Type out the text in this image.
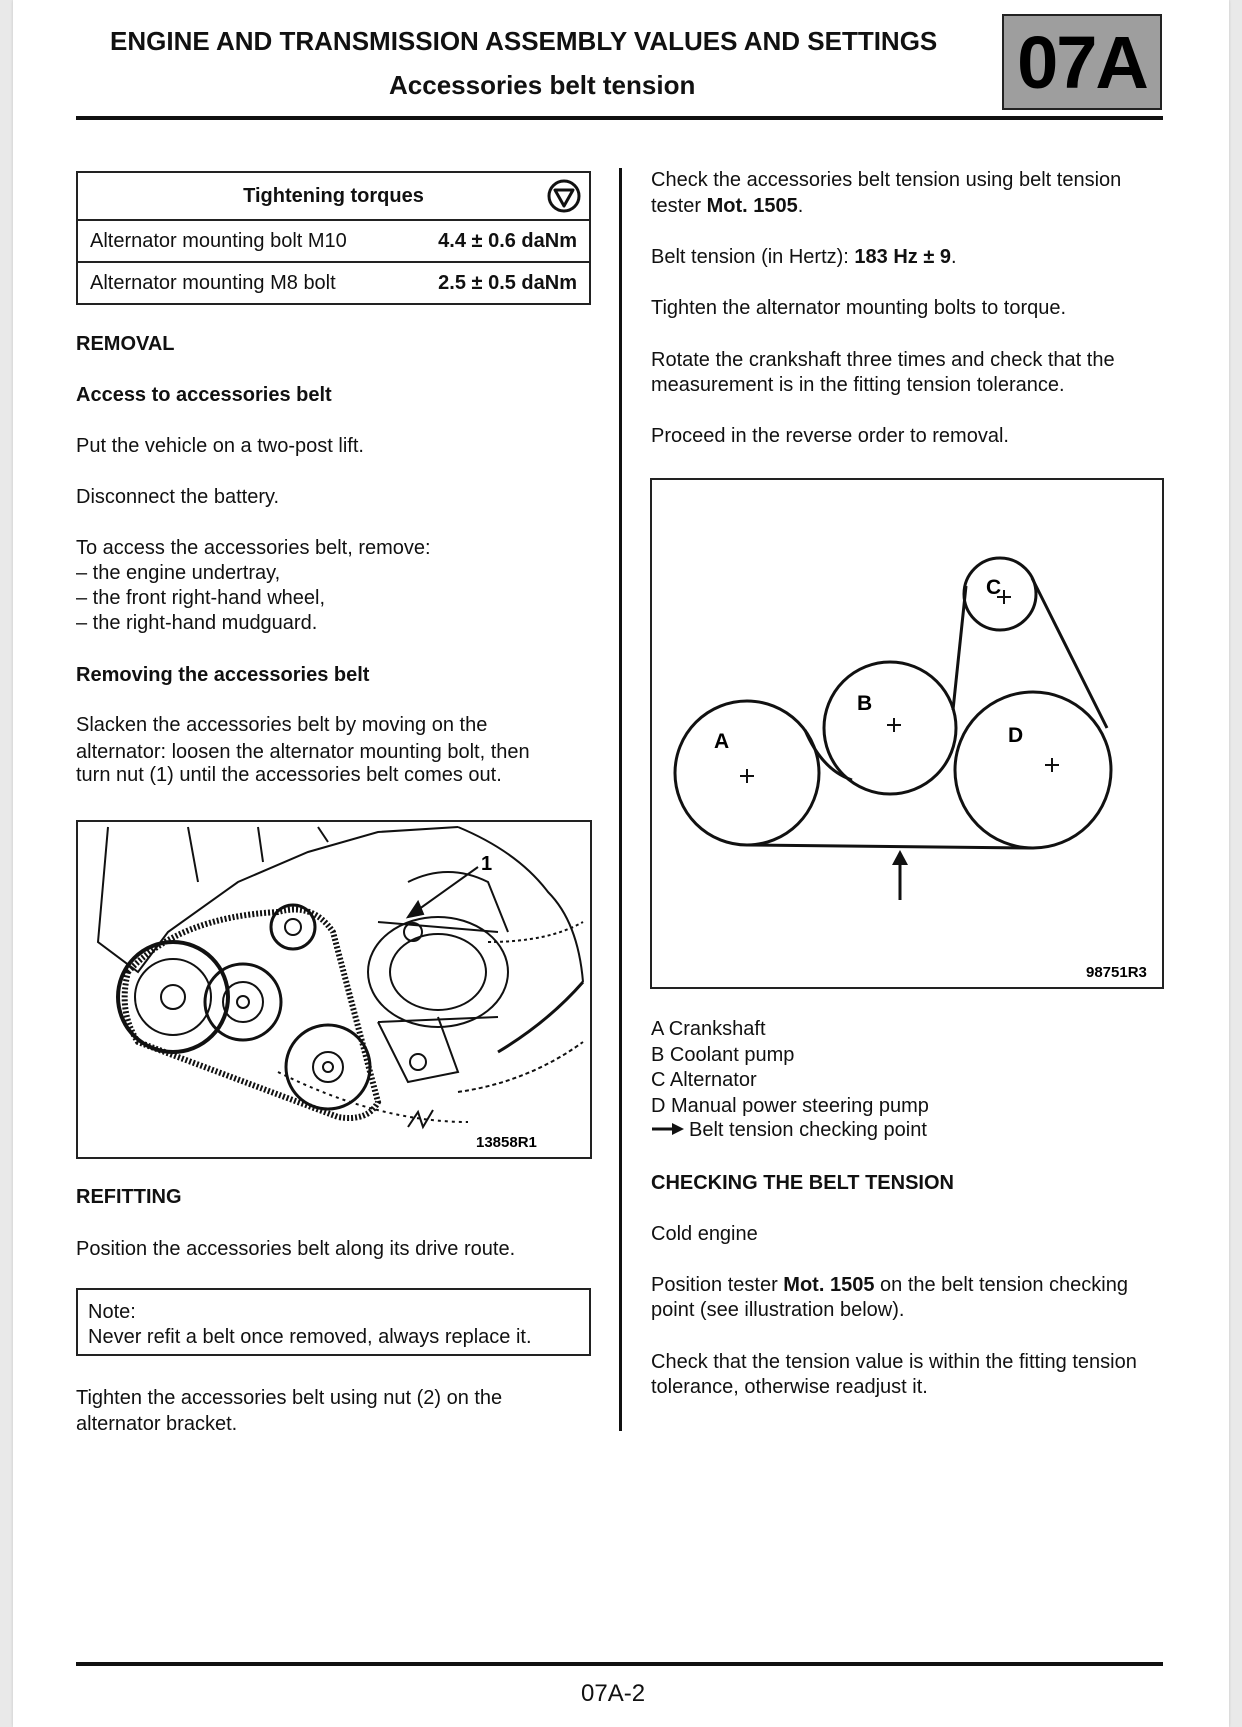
ENGINE AND TRANSMISSION ASSEMBLY VALUES AND SETTINGS
Accessories belt tension	07A
Tightening torques	

Alternator mounting bolt M10	4.4 ± 0.6 daNm
Alternator mounting M8 bolt	2.5 ± 0.5 daNm
REMOVAL
Access to accessories belt
Put the vehicle on a two-post lift.
Disconnect the battery.
To access the accessories belt, remove:
– the engine undertray,
– the front right-hand wheel,
– the right-hand mudguard.
Removing the accessories belt
Slacken the accessories belt by moving on the
alternator: loosen the alternator mounting bolt, then
turn nut (1) until the accessories belt comes out.
1
13858R1
REFITTING
Position the accessories belt along its drive route.
Note:
Never refit a belt once removed, always replace it.
Tighten the accessories belt using nut (2) on the
alternator bracket.
Check the accessories belt tension using belt tension
tester Mot. 1505.
Belt tension (in Hertz): 183 Hz ± 9.
Tighten the alternator mounting bolts to torque.
Rotate the crankshaft three times and check that the
measurement is in the fitting tension tolerance.
Proceed in the reverse order to removal.
A
B
C
D
98751R3
A Crankshaft
B Coolant pump
C Alternator
D Manual power steering pump
Belt tension checking point
CHECKING THE BELT TENSION
Cold engine
Position tester Mot. 1505 on the belt tension checking
point (see illustration below).
Check that the tension value is within the fitting tension
tolerance, otherwise readjust it.
07A-2
